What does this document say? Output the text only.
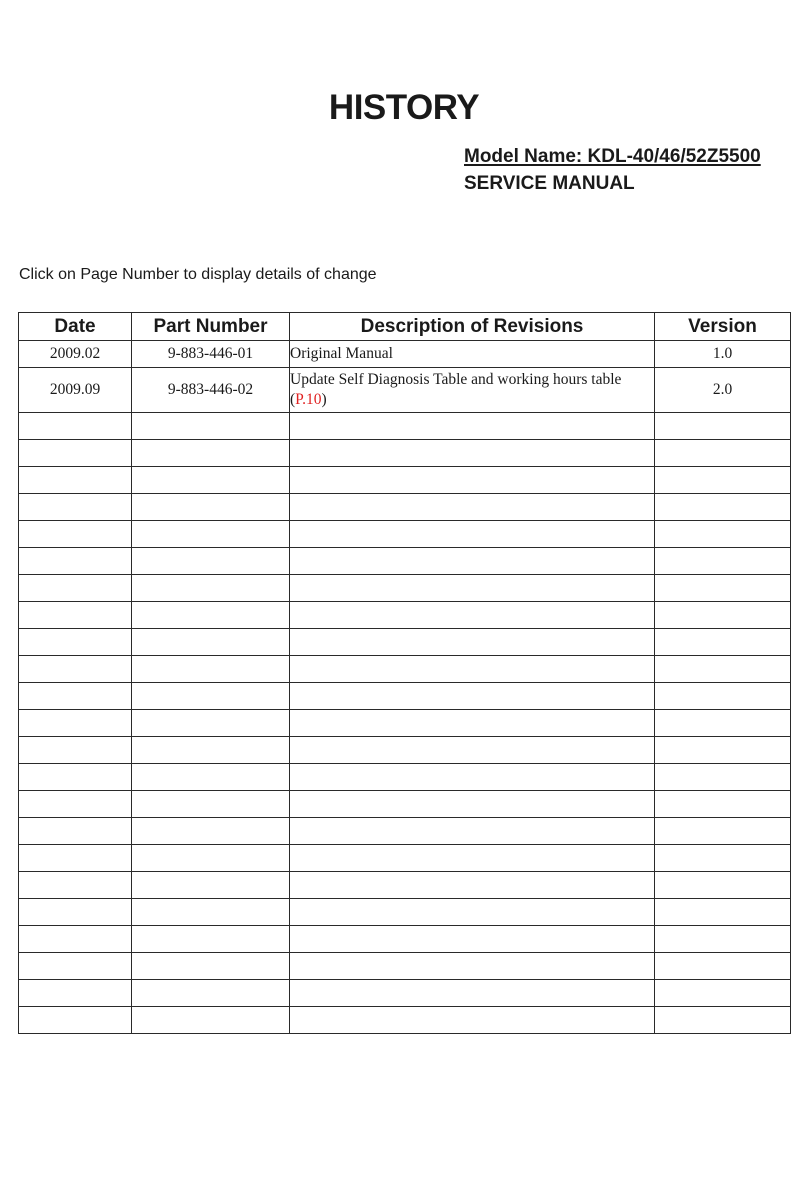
HISTORY
Model Name: KDL-40/46/52Z5500
SERVICE MANUAL
Click on Page Number to display details of change
Date	Part Number	Description of Revisions	Version
2009.02	9-883-446-01	Original Manual	1.0
2009.09	9-883-446-02	Update Self Diagnosis Table and working hours table (P.10)	2.0
